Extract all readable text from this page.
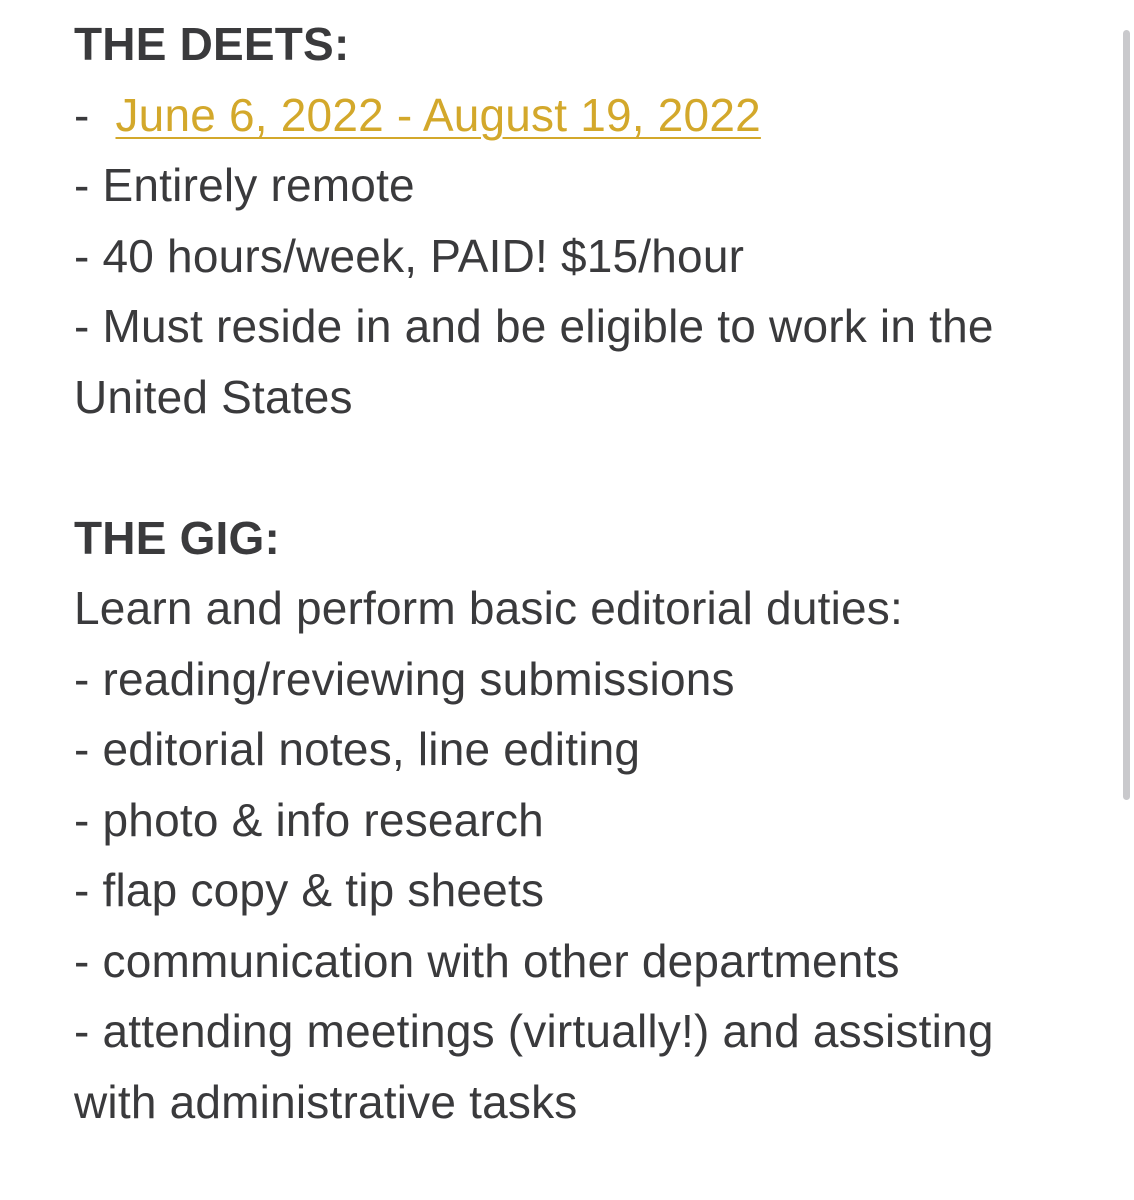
THE DEETS:
-  June 6, 2022 - August 19, 2022
- Entirely remote
- 40 hours/week, PAID! $15/hour
- Must reside in and be eligible to work in the United States
THE GIG:
Learn and perform basic editorial duties:
- reading/reviewing submissions
- editorial notes, line editing
- photo & info research
- flap copy & tip sheets
- communication with other departments
- attending meetings (virtually!) and assisting with administrative tasks
